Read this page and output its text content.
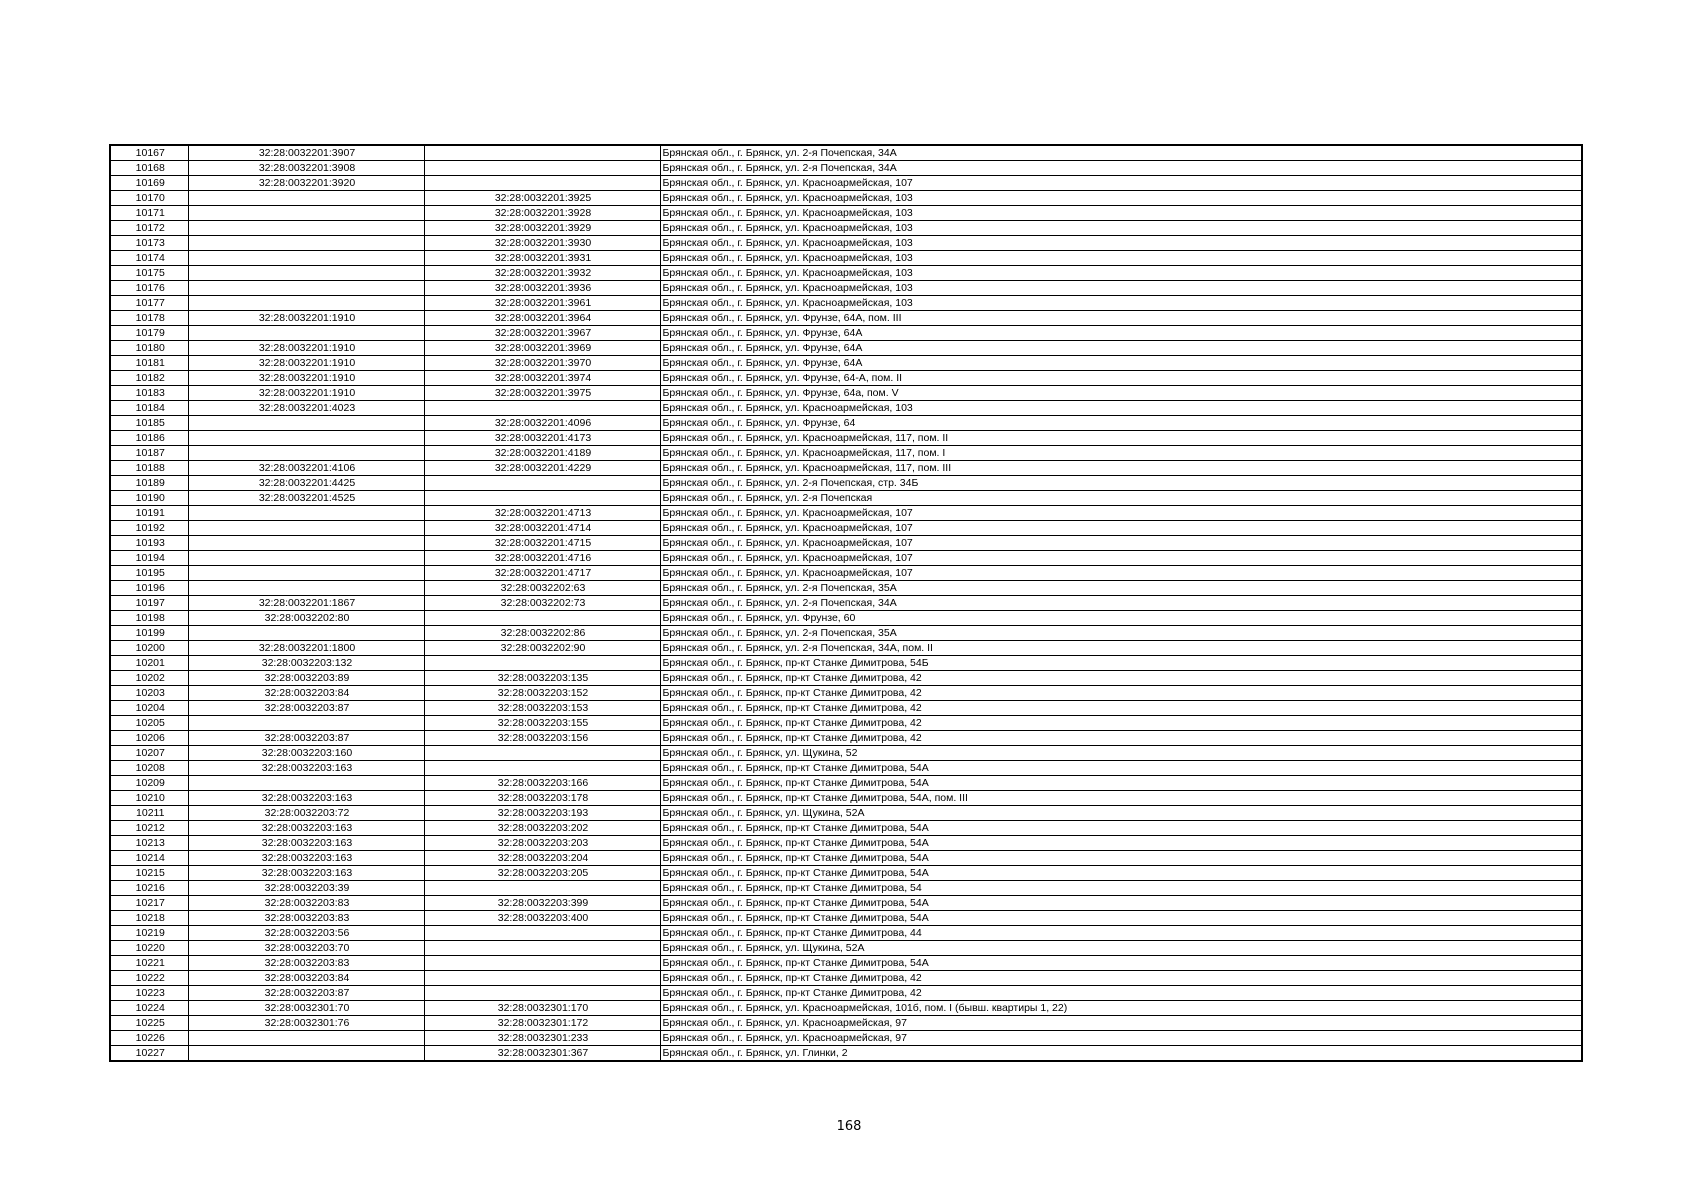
10167	32:28:0032201:3907		Брянская обл., г. Брянск, ул. 2-я Почепская, 34А
10168	32:28:0032201:3908		Брянская обл., г. Брянск, ул. 2-я Почепская, 34А
10169	32:28:0032201:3920		Брянская обл., г. Брянск, ул. Красноармейская, 107
10170		32:28:0032201:3925	Брянская обл., г. Брянск, ул. Красноармейская, 103
10171		32:28:0032201:3928	Брянская обл., г. Брянск, ул. Красноармейская, 103
10172		32:28:0032201:3929	Брянская обл., г. Брянск, ул. Красноармейская, 103
10173		32:28:0032201:3930	Брянская обл., г. Брянск, ул. Красноармейская, 103
10174		32:28:0032201:3931	Брянская обл., г. Брянск, ул. Красноармейская, 103
10175		32:28:0032201:3932	Брянская обл., г. Брянск, ул. Красноармейская, 103
10176		32:28:0032201:3936	Брянская обл., г. Брянск, ул. Красноармейская, 103
10177		32:28:0032201:3961	Брянская обл., г. Брянск, ул. Красноармейская, 103
10178	32:28:0032201:1910	32:28:0032201:3964	Брянская обл., г. Брянск, ул. Фрунзе, 64А, пом. III
10179		32:28:0032201:3967	Брянская обл., г. Брянск, ул. Фрунзе, 64А
10180	32:28:0032201:1910	32:28:0032201:3969	Брянская обл., г. Брянск, ул. Фрунзе, 64А
10181	32:28:0032201:1910	32:28:0032201:3970	Брянская обл., г. Брянск, ул. Фрунзе, 64А
10182	32:28:0032201:1910	32:28:0032201:3974	Брянская обл., г. Брянск, ул. Фрунзе, 64-А, пом. II
10183	32:28:0032201:1910	32:28:0032201:3975	Брянская обл., г. Брянск, ул. Фрунзе, 64а, пом. V
10184	32:28:0032201:4023		Брянская обл., г. Брянск, ул. Красноармейская, 103
10185		32:28:0032201:4096	Брянская обл., г. Брянск, ул. Фрунзе, 64
10186		32:28:0032201:4173	Брянская обл., г. Брянск, ул. Красноармейская, 117, пом. II
10187		32:28:0032201:4189	Брянская обл., г. Брянск, ул. Красноармейская, 117, пом. I
10188	32:28:0032201:4106	32:28:0032201:4229	Брянская обл., г. Брянск, ул. Красноармейская, 117, пом. III
10189	32:28:0032201:4425		Брянская обл., г. Брянск, ул. 2-я Почепская, стр. 34Б
10190	32:28:0032201:4525		Брянская обл., г. Брянск, ул. 2-я Почепская
10191		32:28:0032201:4713	Брянская обл., г. Брянск, ул. Красноармейская, 107
10192		32:28:0032201:4714	Брянская обл., г. Брянск, ул. Красноармейская, 107
10193		32:28:0032201:4715	Брянская обл., г. Брянск, ул. Красноармейская, 107
10194		32:28:0032201:4716	Брянская обл., г. Брянск, ул. Красноармейская, 107
10195		32:28:0032201:4717	Брянская обл., г. Брянск, ул. Красноармейская, 107
10196		32:28:0032202:63	Брянская обл., г. Брянск, ул. 2-я Почепская, 35А
10197	32:28:0032201:1867	32:28:0032202:73	Брянская обл., г. Брянск, ул. 2-я Почепская, 34А
10198	32:28:0032202:80		Брянская обл., г. Брянск, ул. Фрунзе, 60
10199		32:28:0032202:86	Брянская обл., г. Брянск, ул. 2-я Почепская, 35А
10200	32:28:0032201:1800	32:28:0032202:90	Брянская обл., г. Брянск, ул. 2-я Почепская, 34А, пом. II
10201	32:28:0032203:132		Брянская обл., г. Брянск, пр-кт Станке Димитрова, 54Б
10202	32:28:0032203:89	32:28:0032203:135	Брянская обл., г. Брянск, пр-кт Станке Димитрова, 42
10203	32:28:0032203:84	32:28:0032203:152	Брянская обл., г. Брянск, пр-кт Станке Димитрова, 42
10204	32:28:0032203:87	32:28:0032203:153	Брянская обл., г. Брянск, пр-кт Станке Димитрова, 42
10205		32:28:0032203:155	Брянская обл., г. Брянск, пр-кт Станке Димитрова, 42
10206	32:28:0032203:87	32:28:0032203:156	Брянская обл., г. Брянск, пр-кт Станке Димитрова, 42
10207	32:28:0032203:160		Брянская обл., г. Брянск, ул. Щукина, 52
10208	32:28:0032203:163		Брянская обл., г. Брянск, пр-кт Станке Димитрова, 54А
10209		32:28:0032203:166	Брянская обл., г. Брянск, пр-кт Станке Димитрова, 54А
10210	32:28:0032203:163	32:28:0032203:178	Брянская обл., г. Брянск, пр-кт Станке Димитрова, 54А, пом. III
10211	32:28:0032203:72	32:28:0032203:193	Брянская обл., г. Брянск, ул. Щукина, 52А
10212	32:28:0032203:163	32:28:0032203:202	Брянская обл., г. Брянск, пр-кт Станке Димитрова, 54А
10213	32:28:0032203:163	32:28:0032203:203	Брянская обл., г. Брянск, пр-кт Станке Димитрова, 54А
10214	32:28:0032203:163	32:28:0032203:204	Брянская обл., г. Брянск, пр-кт Станке Димитрова, 54А
10215	32:28:0032203:163	32:28:0032203:205	Брянская обл., г. Брянск, пр-кт Станке Димитрова, 54А
10216	32:28:0032203:39		Брянская обл., г. Брянск, пр-кт Станке Димитрова, 54
10217	32:28:0032203:83	32:28:0032203:399	Брянская обл., г. Брянск, пр-кт Станке Димитрова, 54А
10218	32:28:0032203:83	32:28:0032203:400	Брянская обл., г. Брянск, пр-кт Станке Димитрова, 54А
10219	32:28:0032203:56		Брянская обл., г. Брянск, пр-кт Станке Димитрова, 44
10220	32:28:0032203:70		Брянская обл., г. Брянск, ул. Щукина, 52А
10221	32:28:0032203:83		Брянская обл., г. Брянск, пр-кт Станке Димитрова, 54А
10222	32:28:0032203:84		Брянская обл., г. Брянск, пр-кт Станке Димитрова, 42
10223	32:28:0032203:87		Брянская обл., г. Брянск, пр-кт Станке Димитрова, 42
10224	32:28:0032301:70	32:28:0032301:170	Брянская обл., г. Брянск, ул. Красноармейская, 101б, пом. I (бывш. квартиры 1, 22)
10225	32:28:0032301:76	32:28:0032301:172	Брянская обл., г. Брянск, ул. Красноармейская, 97
10226		32:28:0032301:233	Брянская обл., г. Брянск, ул. Красноармейская, 97
10227		32:28:0032301:367	Брянская обл., г. Брянск, ул. Глинки, 2
168
